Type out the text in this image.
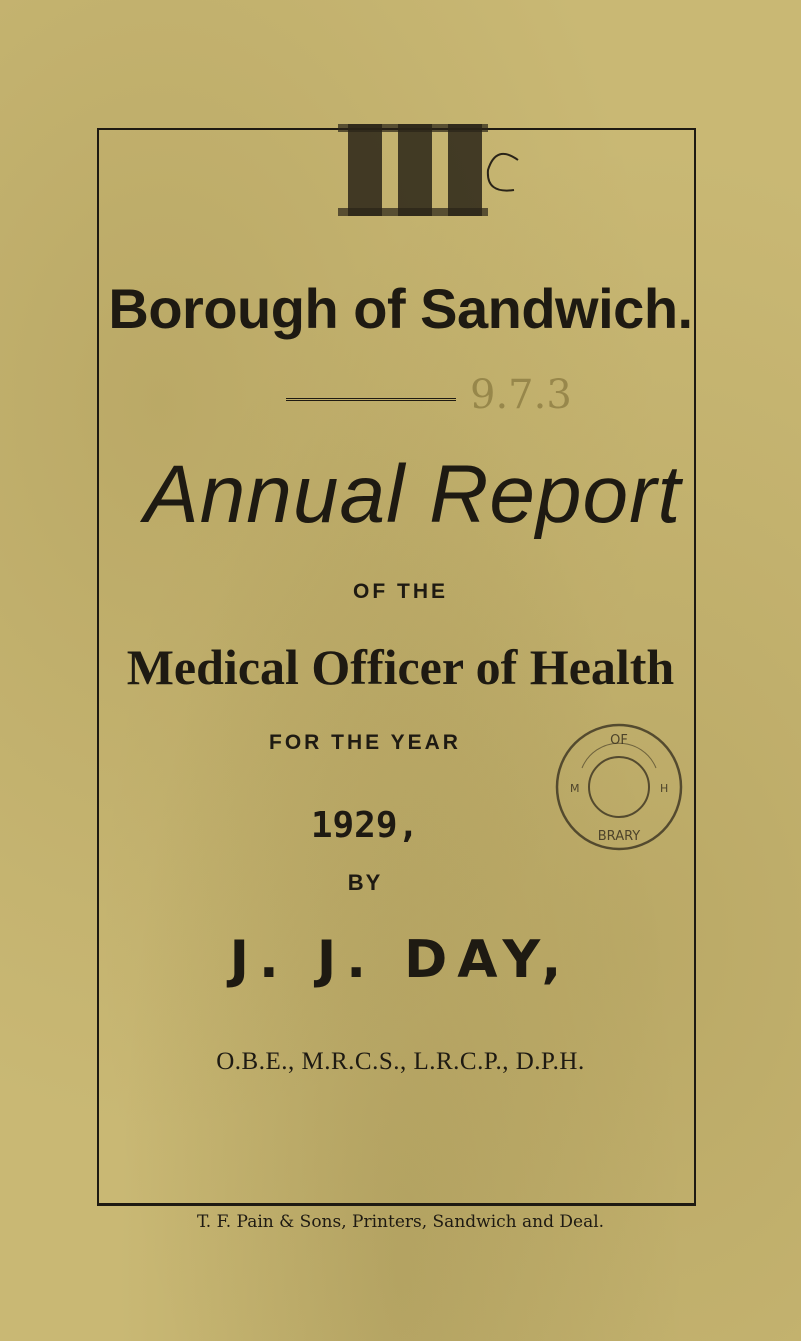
Borough of Sandwich.
9.7.3
Annual Report
OF THE
Medical Officer of Health
FOR THE YEAR
1929,
BY
J. J. DAY,
O.B.E., M.R.C.S., L.R.C.P., D.P.H.
T. F. Pain & Sons, Printers, Sandwich and Deal.
OF
M	H
BRARY
